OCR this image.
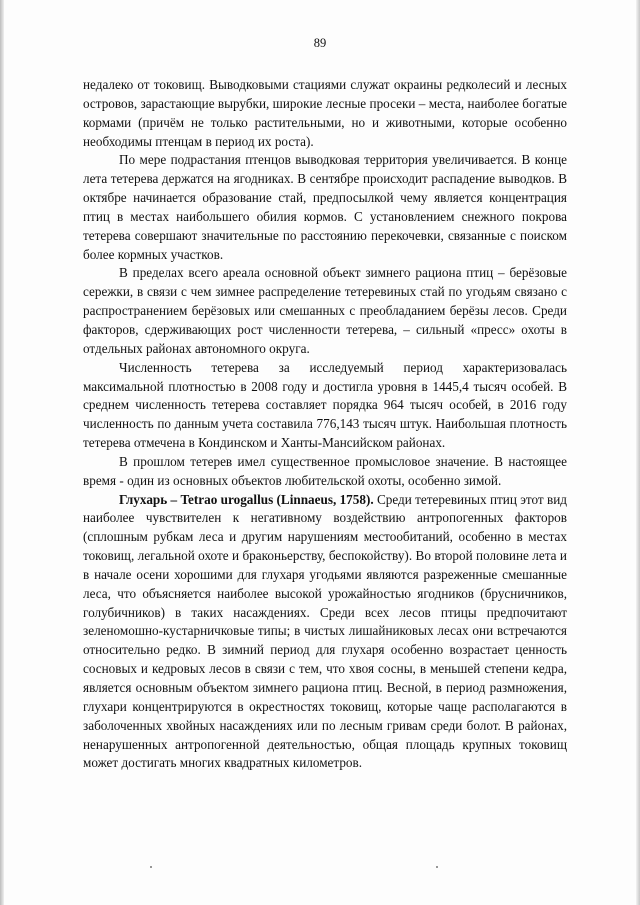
89

недалеко от токовищ. Выводковыми стациями служат окраины редколесий и лесных островов, зарастающие вырубки, широкие лесные просеки – места, наиболее богатые кормами (причём не только растительными, но и животными, которые особенно необходимы птенцам в период их роста).

По мере подрастания птенцов выводковая территория увеличивается. В конце лета тетерева держатся на ягодниках. В сентябре происходит распадение выводков. В октябре начинается образование стай, предпосылкой чему является концентрация птиц в местах наибольшего обилия кормов. С установлением снежного покрова тетерева совершают значительные по расстоянию перекочевки, связанные с поиском более кормных участков.

В пределах всего ареала основной объект зимнего рациона птиц – берёзовые сережки, в связи с чем зимнее распределение тетеревиных стай по угодьям связано с распространением берёзовых или смешанных с преобладанием берёзы лесов. Среди факторов, сдерживающих рост численности тетерева, – сильный «пресс» охоты в отдельных районах автономного округа.

Численность тетерева за исследуемый период характеризовалась максимальной плотностью в 2008 году и достигла уровня в 1445,4 тысяч особей. В среднем численность тетерева составляет порядка 964 тысяч особей, в 2016 году численность по данным учета составила 776,143 тысяч штук. Наибольшая плотность тетерева отмечена в Кондинском и Ханты-Мансийском районах.

В прошлом тетерев имел существенное промысловое значение. В настоящее время - один из основных объектов любительской охоты, особенно зимой.

Глухарь – Tetrao urogallus (Linnaeus, 1758). Среди тетеревиных птиц этот вид наиболее чувствителен к негативному воздействию антропогенных факторов (сплошным рубкам леса и другим нарушениям местообитаний, особенно в местах токовищ, легальной охоте и браконьерству, беспокойству). Во второй половине лета и в начале осени хорошими для глухаря угодьями являются разреженные смешанные леса, что объясняется наиболее высокой урожайностью ягодников (брусничников, голубичников) в таких насаждениях. Среди всех лесов птицы предпочитают зеленомошно-кустарничковые типы; в чистых лишайниковых лесах они встречаются относительно редко. В зимний период для глухаря особенно возрастает ценность сосновых и кедровых лесов в связи с тем, что хвоя сосны, в меньшей степени кедра, является основным объектом зимнего рациона птиц. Весной, в период размножения, глухари концентрируются в окрестностях токовищ, которые чаще располагаются в заболоченных хвойных насаждениях или по лесным гривам среди болот. В районах, ненарушенных антропогенной деятельностью, общая площадь крупных токовищ может достигать многих квадратных километров.
